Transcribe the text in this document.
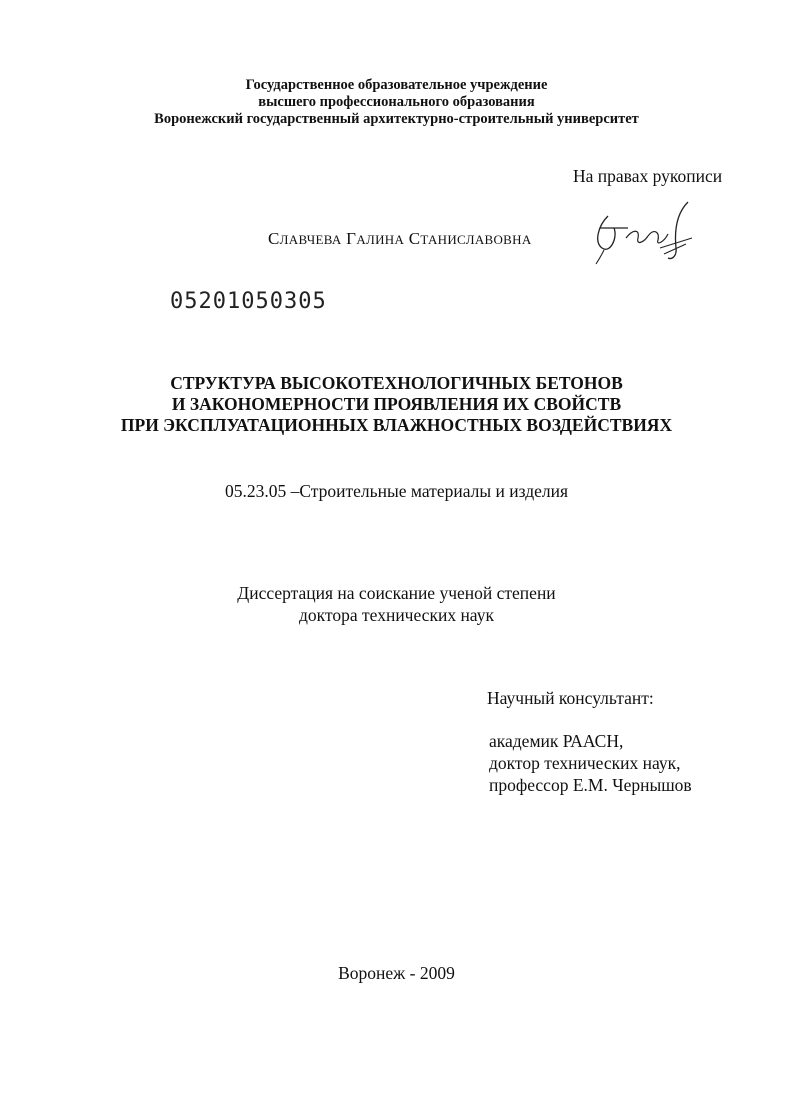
Государственное образовательное учреждение
высшего профессионального образования
Воронежский государственный архитектурно-строительный университет
На правах рукописи
СЛАВЧЕВА ГАЛИНА СТАНИСЛАВОВНА
05201050305
СТРУКТУРА ВЫСОКОТЕХНОЛОГИЧНЫХ БЕТОНОВ
И ЗАКОНОМЕРНОСТИ ПРОЯВЛЕНИЯ ИХ СВОЙСТВ
ПРИ ЭКСПЛУАТАЦИОННЫХ ВЛАЖНОСТНЫХ ВОЗДЕЙСТВИЯХ
05.23.05 –Строительные материалы и изделия
Диссертация на соискание ученой степени
доктора технических наук
Научный консультант:
академик РААСН,
доктор технических наук,
профессор Е.М. Чернышов
Воронеж - 2009
